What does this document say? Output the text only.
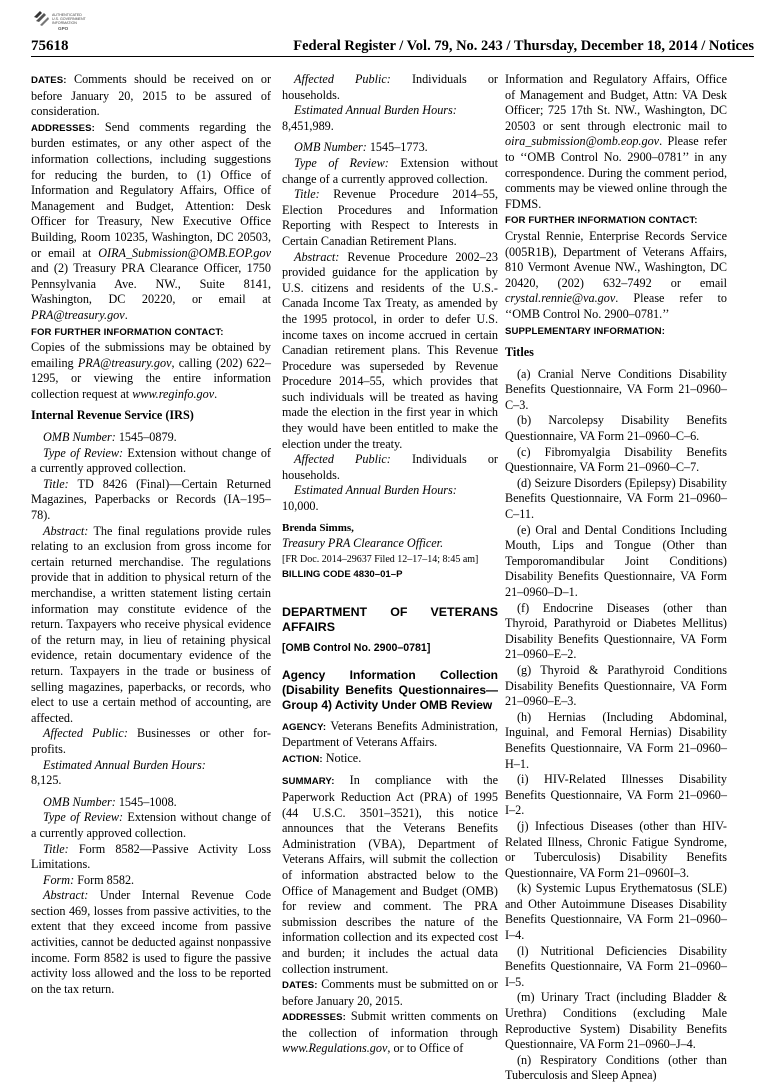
AUTHENTICATED
U.S. GOVERNMENT
INFORMATION
GPO
75618	Federal Register / Vol. 79, No. 243 / Thursday, December 18, 2014 / Notices

DATES: Comments should be received on or before January 20, 2015 to be assured of consideration.

ADDRESSES: Send comments regarding the burden estimates, or any other aspect of the information collections, including suggestions for reducing the burden, to (1) Office of Information and Regulatory Affairs, Office of Management and Budget, Attention: Desk Officer for Treasury, New Executive Office Building, Room 10235, Washington, DC 20503, or email at OIRA_Submission@OMB.EOP.gov and (2) Treasury PRA Clearance Officer, 1750 Pennsylvania Ave. NW., Suite 8141, Washington, DC 20220, or email at PRA@treasury.gov.

FOR FURTHER INFORMATION CONTACT:

Copies of the submissions may be obtained by emailing PRA@treasury.gov, calling (202) 622–1295, or viewing the entire information collection request at www.reginfo.gov.

Internal Revenue Service (IRS)

OMB Number: 1545–0879.

Type of Review: Extension without change of a currently approved collection.

Title: TD 8426 (Final)—Certain Returned Magazines, Paperbacks or Records (IA–195–78).

Abstract: The final regulations provide rules relating to an exclusion from gross income for certain returned merchandise. The regulations provide that in addition to physical return of the merchandise, a written statement listing certain information may constitute evidence of the return. Taxpayers who receive physical evidence of the return may, in lieu of retaining physical evidence, retain documentary evidence of the return. Taxpayers in the trade or business of selling magazines, paperbacks, or records, who elect to use a certain method of accounting, are affected.

Affected Public: Businesses or other for-profits.

Estimated Annual Burden Hours:

8,125.

OMB Number: 1545–1008.

Type of Review: Extension without change of a currently approved collection.

Title: Form 8582—Passive Activity Loss Limitations.

Form: Form 8582.

Abstract: Under Internal Revenue Code section 469, losses from passive activities, to the extent that they exceed income from passive activities, cannot be deducted against nonpassive income. Form 8582 is used to figure the passive activity loss allowed and the loss to be reported on the tax return.

Affected Public: Individuals or households.

Estimated Annual Burden Hours:

8,451,989.

OMB Number: 1545–1773.

Type of Review: Extension without change of a currently approved collection.

Title: Revenue Procedure 2014–55, Election Procedures and Information Reporting with Respect to Interests in Certain Canadian Retirement Plans.

Abstract: Revenue Procedure 2002–23 provided guidance for the application by U.S. citizens and residents of the U.S.-Canada Income Tax Treaty, as amended by the 1995 protocol, in order to defer U.S. income taxes on income accrued in certain Canadian retirement plans. This Revenue Procedure was superseded by Revenue Procedure 2014–55, which provides that such individuals will be treated as having made the election in the first year in which they would have been entitled to make the election under the treaty.

Affected Public: Individuals or households.

Estimated Annual Burden Hours:

10,000.

Brenda Simms,

Treasury PRA Clearance Officer.

[FR Doc. 2014–29637 Filed 12–17–14; 8:45 am]

BILLING CODE 4830–01–P

DEPARTMENT OF VETERANS AFFAIRS

[OMB Control No. 2900–0781]

Agency Information Collection (Disability Benefits Questionnaires—Group 4) Activity Under OMB Review

AGENCY: Veterans Benefits Administration, Department of Veterans Affairs.

ACTION: Notice.

SUMMARY: In compliance with the Paperwork Reduction Act (PRA) of 1995 (44 U.S.C. 3501–3521), this notice announces that the Veterans Benefits Administration (VBA), Department of Veterans Affairs, will submit the collection of information abstracted below to the Office of Management and Budget (OMB) for review and comment. The PRA submission describes the nature of the information collection and its expected cost and burden; it includes the actual data collection instrument.

DATES: Comments must be submitted on or before January 20, 2015.

ADDRESSES: Submit written comments on the collection of information through www.Regulations.gov, or to Office of

Information and Regulatory Affairs, Office of Management and Budget, Attn: VA Desk Officer; 725 17th St. NW., Washington, DC 20503 or sent through electronic mail to oira_submission@omb.eop.gov. Please refer to ‘‘OMB Control No. 2900–0781’’ in any correspondence. During the comment period, comments may be viewed online through the FDMS.

FOR FURTHER INFORMATION CONTACT:

Crystal Rennie, Enterprise Records Service (005R1B), Department of Veterans Affairs, 810 Vermont Avenue NW., Washington, DC 20420, (202) 632–7492 or email crystal.rennie@va.gov. Please refer to ‘‘OMB Control No. 2900–0781.’’

SUPPLEMENTARY INFORMATION:

Titles

(a) Cranial Nerve Conditions Disability Benefits Questionnaire, VA Form 21–0960–C–3.

(b) Narcolepsy Disability Benefits Questionnaire, VA Form 21–0960–C–6.

(c) Fibromyalgia Disability Benefits Questionnaire, VA Form 21–0960–C–7.

(d) Seizure Disorders (Epilepsy) Disability Benefits Questionnaire, VA Form 21–0960–C–11.

(e) Oral and Dental Conditions Including Mouth, Lips and Tongue (Other than Temporomandibular Joint Conditions) Disability Benefits Questionnaire, VA Form 21–0960–D–1.

(f) Endocrine Diseases (other than Thyroid, Parathyroid or Diabetes Mellitus) Disability Benefits Questionnaire, VA Form 21–0960–E–2.

(g) Thyroid & Parathyroid Conditions Disability Benefits Questionnaire, VA Form 21–0960–E–3.

(h) Hernias (Including Abdominal, Inguinal, and Femoral Hernias) Disability Benefits Questionnaire, VA Form 21–0960–H–1.

(i) HIV-Related Illnesses Disability Benefits Questionnaire, VA Form 21–0960–I–2.

(j) Infectious Diseases (other than HIV-Related Illness, Chronic Fatigue Syndrome, or Tuberculosis) Disability Benefits Questionnaire, VA Form 21–0960I–3.

(k) Systemic Lupus Erythematosus (SLE) and Other Autoimmune Diseases Disability Benefits Questionnaire, VA Form 21–0960–I–4.

(l) Nutritional Deficiencies Disability Benefits Questionnaire, VA Form 21–0960–I–5.

(m) Urinary Tract (including Bladder & Urethra) Conditions (excluding Male Reproductive System) Disability Benefits Questionnaire, VA Form 21–0960–J–4.

(n) Respiratory Conditions (other than Tuberculosis and Sleep Apnea)
